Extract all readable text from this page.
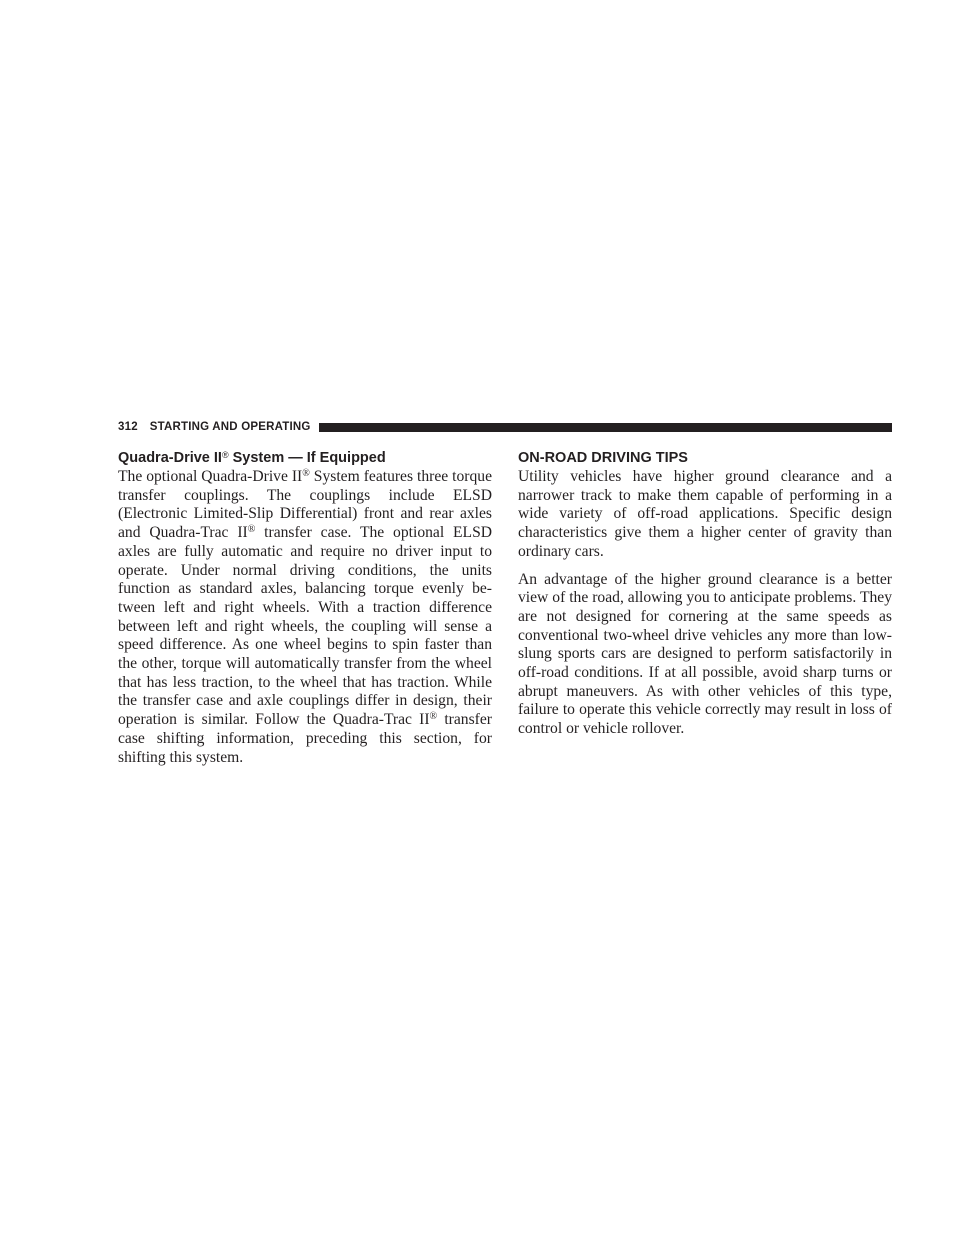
312 STARTING AND OPERATING
Quadra-Drive II® System — If Equipped

The optional Quadra-Drive II® System features three torque transfer couplings. The couplings include ELSD (Electronic Limited-Slip Differential) front and rear axles and Quadra-Trac II® transfer case. The optional ELSD axles are fully automatic and require no driver input to operate. Under normal driving conditions, the units function as standard axles, balancing torque evenly between left and right wheels. With a traction difference between left and right wheels, the coupling will sense a speed difference. As one wheel begins to spin faster than the other, torque will automatically transfer from the wheel that has less traction, to the wheel that has traction. While the transfer case and axle couplings differ in design, their operation is similar. Follow the Quadra-Trac II® transfer case shifting information, preceding this section, for shifting this system.

ON-ROAD DRIVING TIPS

Utility vehicles have higher ground clearance and a narrower track to make them capable of performing in a wide variety of off-road applications. Specific design characteristics give them a higher center of gravity than ordinary cars.

An advantage of the higher ground clearance is a better view of the road, allowing you to anticipate problems. They are not designed for cornering at the same speeds as conventional two-wheel drive vehicles any more than low-slung sports cars are designed to perform satisfactorily in off-road conditions. If at all possible, avoid sharp turns or abrupt maneuvers. As with other vehicles of this type, failure to operate this vehicle correctly may result in loss of control or vehicle rollover.
